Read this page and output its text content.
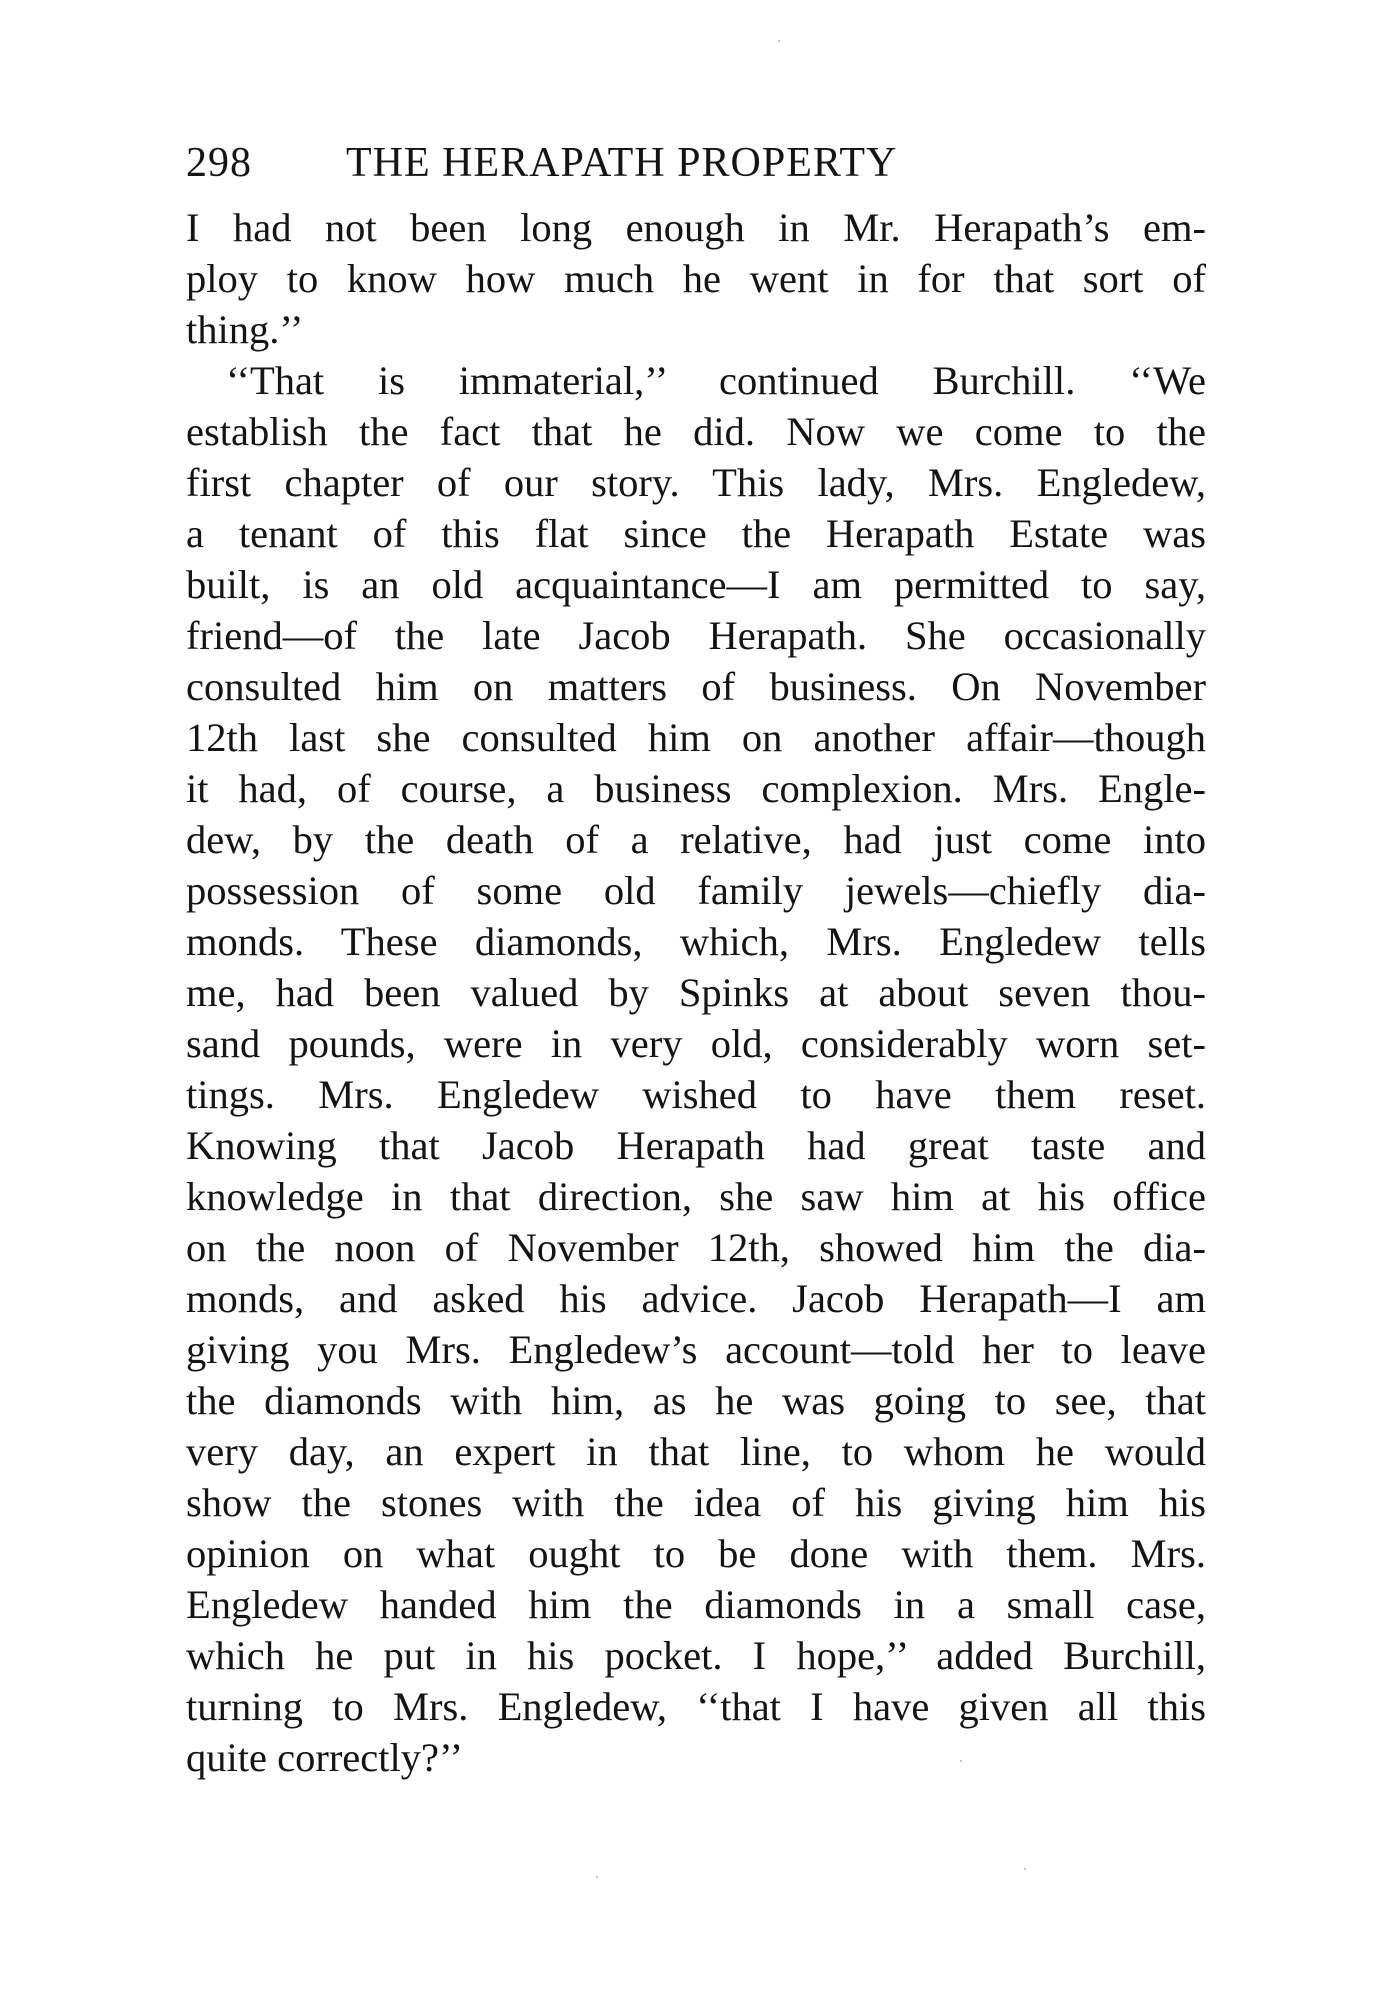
298 THE HERAPATH PROPERTY
I had not been long enough in Mr. Herapath’s em-
ploy to know how much he went in for that sort of
thing.’’
‘‘That is immaterial,’’ continued Burchill. ‘‘We
establish the fact that he did. Now we come to the
first chapter of our story. This lady, Mrs. Engledew,
a tenant of this flat since the Herapath Estate was
built, is an old acquaintance—I am permitted to say,
friend—of the late Jacob Herapath. She occasionally
consulted him on matters of business. On November
12th last she consulted him on another affair—though
it had, of course, a business complexion. Mrs. Engle-
dew, by the death of a relative, had just come into
possession of some old family jewels—chiefly dia-
monds. These diamonds, which, Mrs. Engledew tells
me, had been valued by Spinks at about seven thou-
sand pounds, were in very old, considerably worn set-
tings. Mrs. Engledew wished to have them reset.
Knowing that Jacob Herapath had great taste and
knowledge in that direction, she saw him at his office
on the noon of November 12th, showed him the dia-
monds, and asked his advice. Jacob Herapath—I am
giving you Mrs. Engledew’s account—told her to leave
the diamonds with him, as he was going to see, that
very day, an expert in that line, to whom he would
show the stones with the idea of his giving him his
opinion on what ought to be done with them. Mrs.
Engledew handed him the diamonds in a small case,
which he put in his pocket. I hope,’’ added Burchill,
turning to Mrs. Engledew, ‘‘that I have given all this
quite correctly?’’
